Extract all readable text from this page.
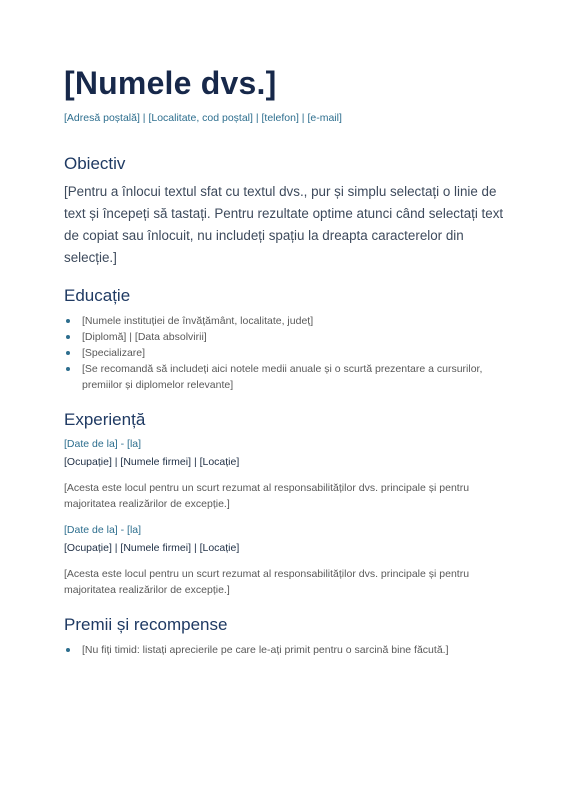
[Numele dvs.]
[Adresă poștală] | [Localitate, cod poștal] | [telefon] | [e-mail]
Obiectiv
[Pentru a înlocui textul sfat cu textul dvs., pur și simplu selectați o linie de text și începeți să tastați. Pentru rezultate optime atunci când selectați text de copiat sau înlocuit, nu includeți spațiu la dreapta caracterelor din selecție.]
Educație
[Numele instituției de învățământ, localitate, județ]
[Diplomă] | [Data absolvirii]
[Specializare]
[Se recomandă să includeți aici notele medii anuale și o scurtă prezentare a cursurilor, premiilor și diplomelor relevante]
Experiență
[Date de la] - [la]
[Ocupație] | [Numele firmei] | [Locație]
[Acesta este locul pentru un scurt rezumat al responsabilităților dvs. principale și pentru majoritatea realizărilor de excepție.]
[Date de la] - [la]
[Ocupație] | [Numele firmei] | [Locație]
[Acesta este locul pentru un scurt rezumat al responsabilităților dvs. principale și pentru majoritatea realizărilor de excepție.]
Premii și recompense
[Nu fiți timid: listați aprecierile pe care le-ați primit pentru o sarcină bine făcută.]
